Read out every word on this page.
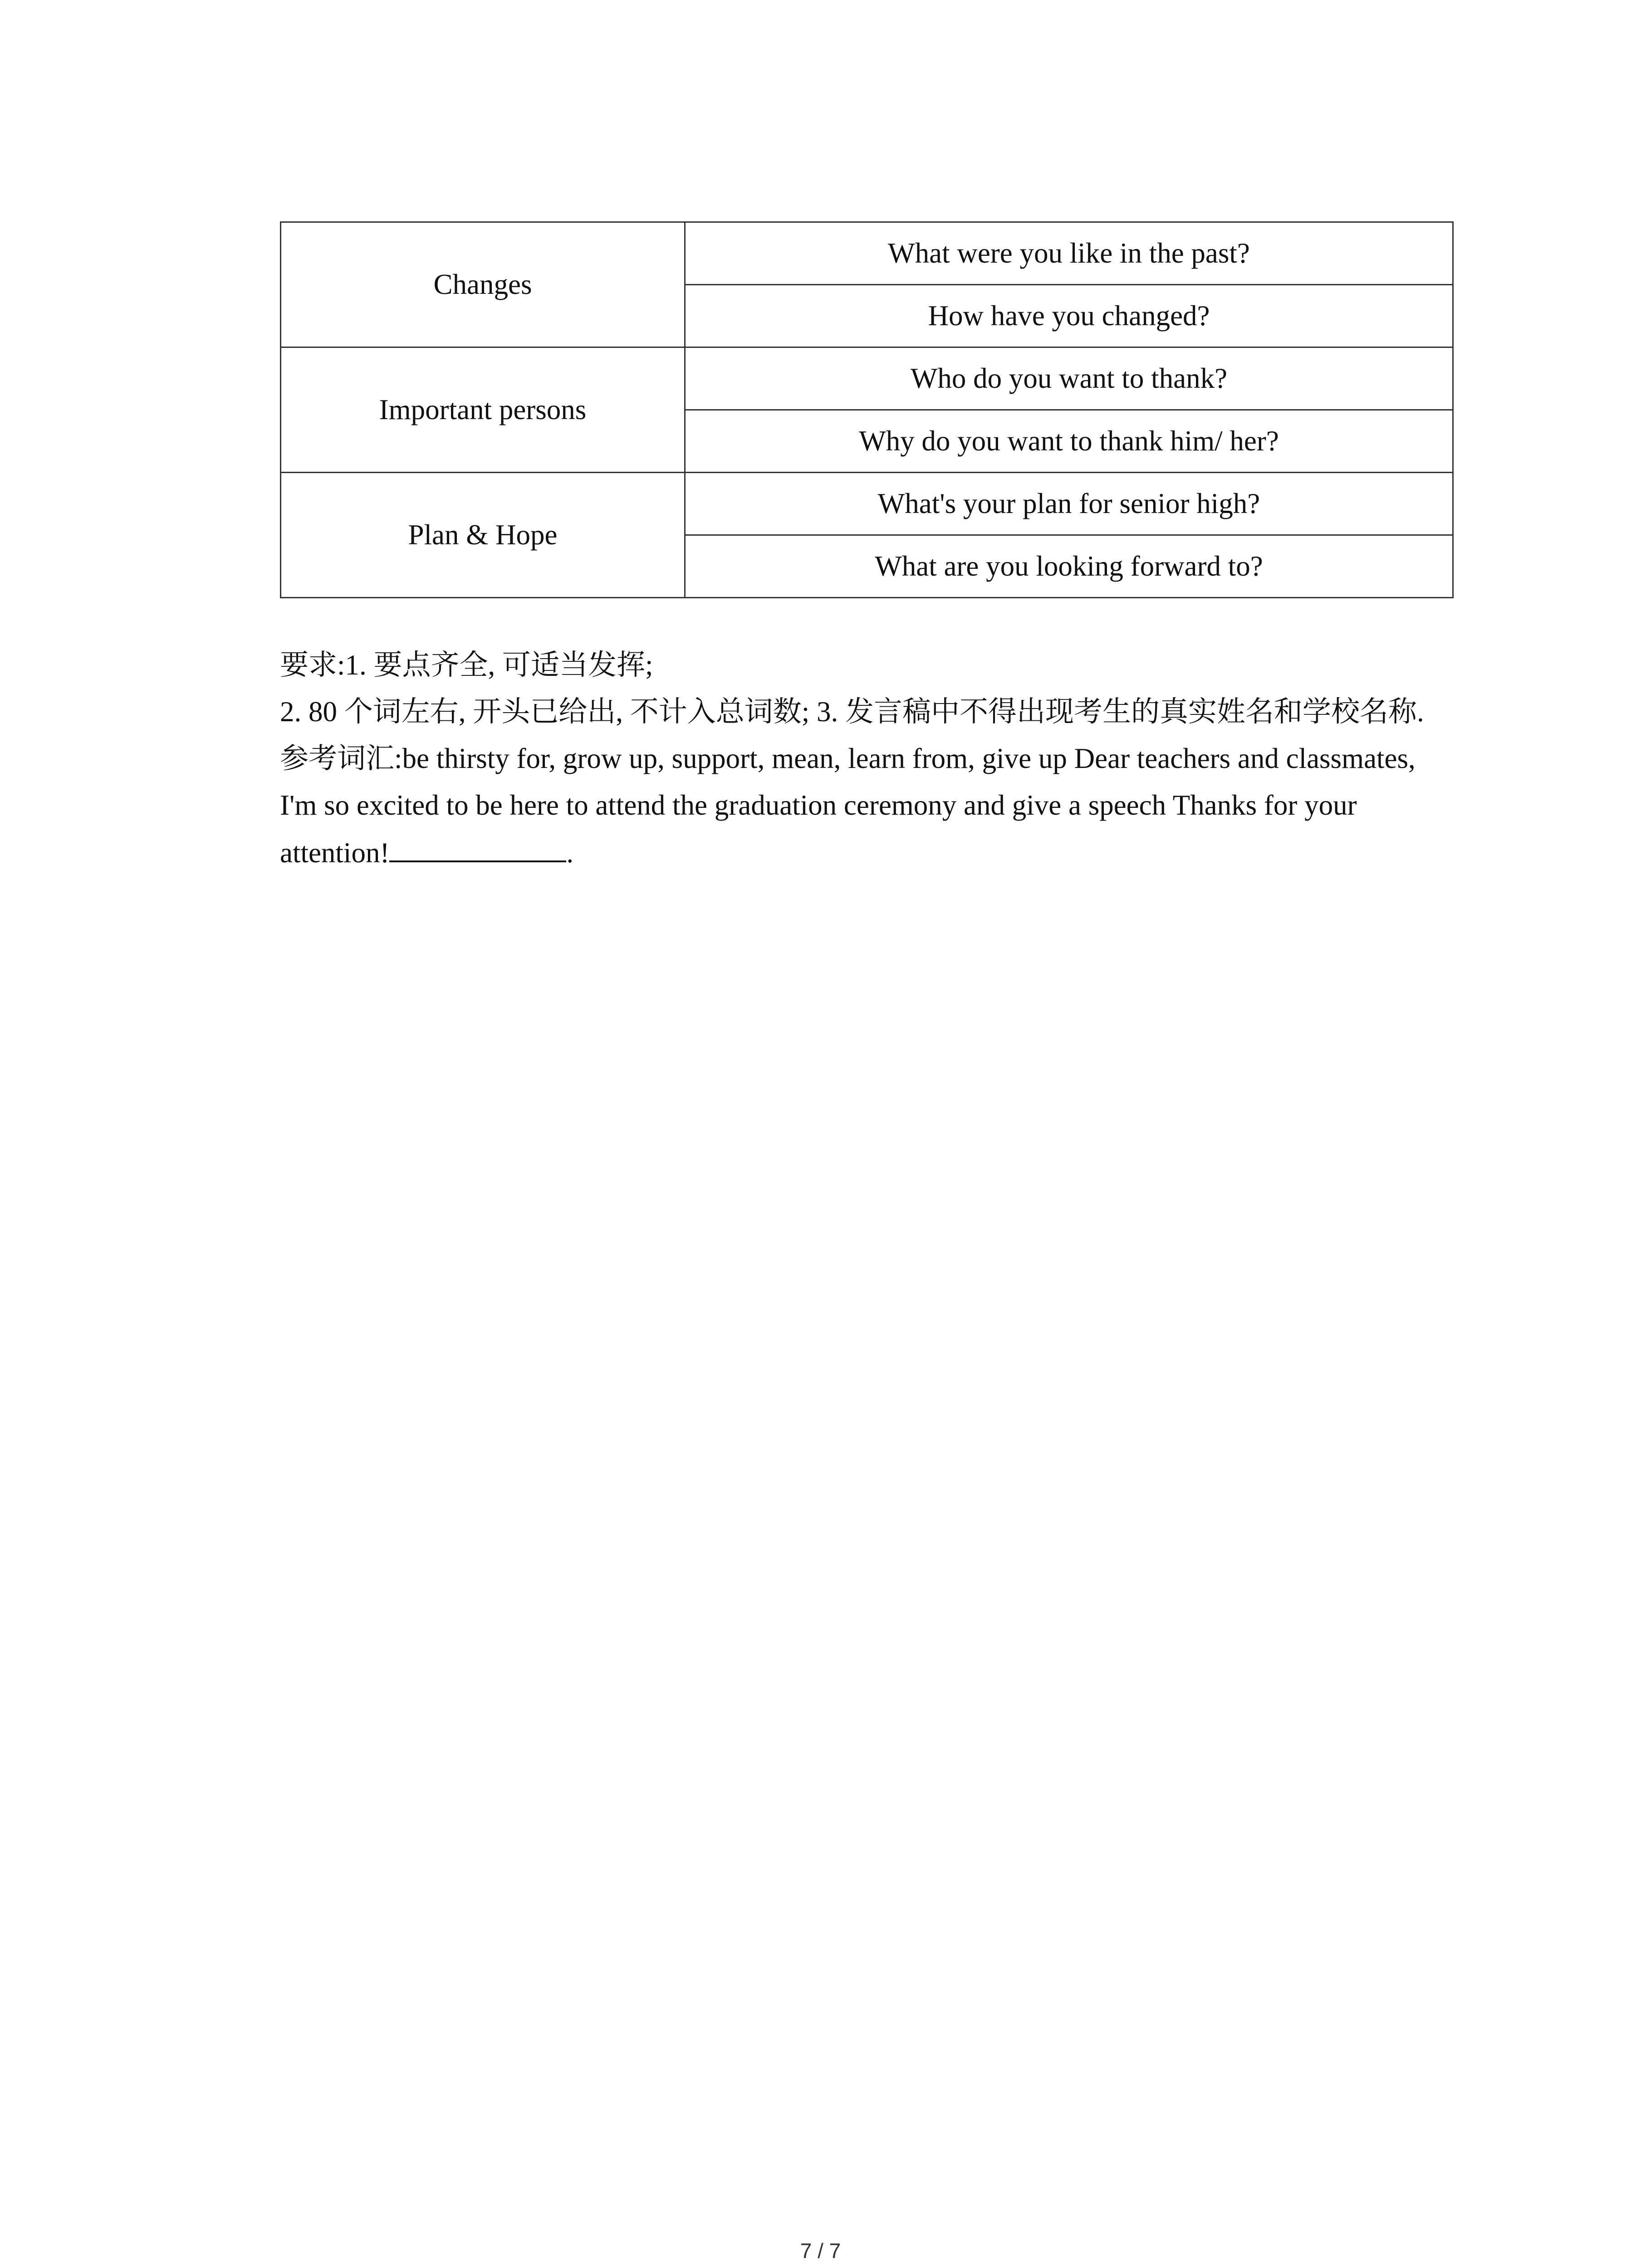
Changes	What were you like in the past?
	How have you changed?
Important persons	Who do you want to thank?
	Why do you want to thank him/ her?
Plan & Hope	What's your plan for senior high?
	What are you looking forward to?

要求:1. 要点齐全, 可适当发挥;

2. 80 个词左右, 开头已给出, 不计入总词数; 3. 发言稿中不得出现考生的真实姓名和学校名称.

参考词汇:be thirsty for, grow up, support, mean, learn from, give up Dear teachers and classmates,

I'm so excited to be here to attend the graduation ceremony and give a speech Thanks for your attention!	.

7 / 7
